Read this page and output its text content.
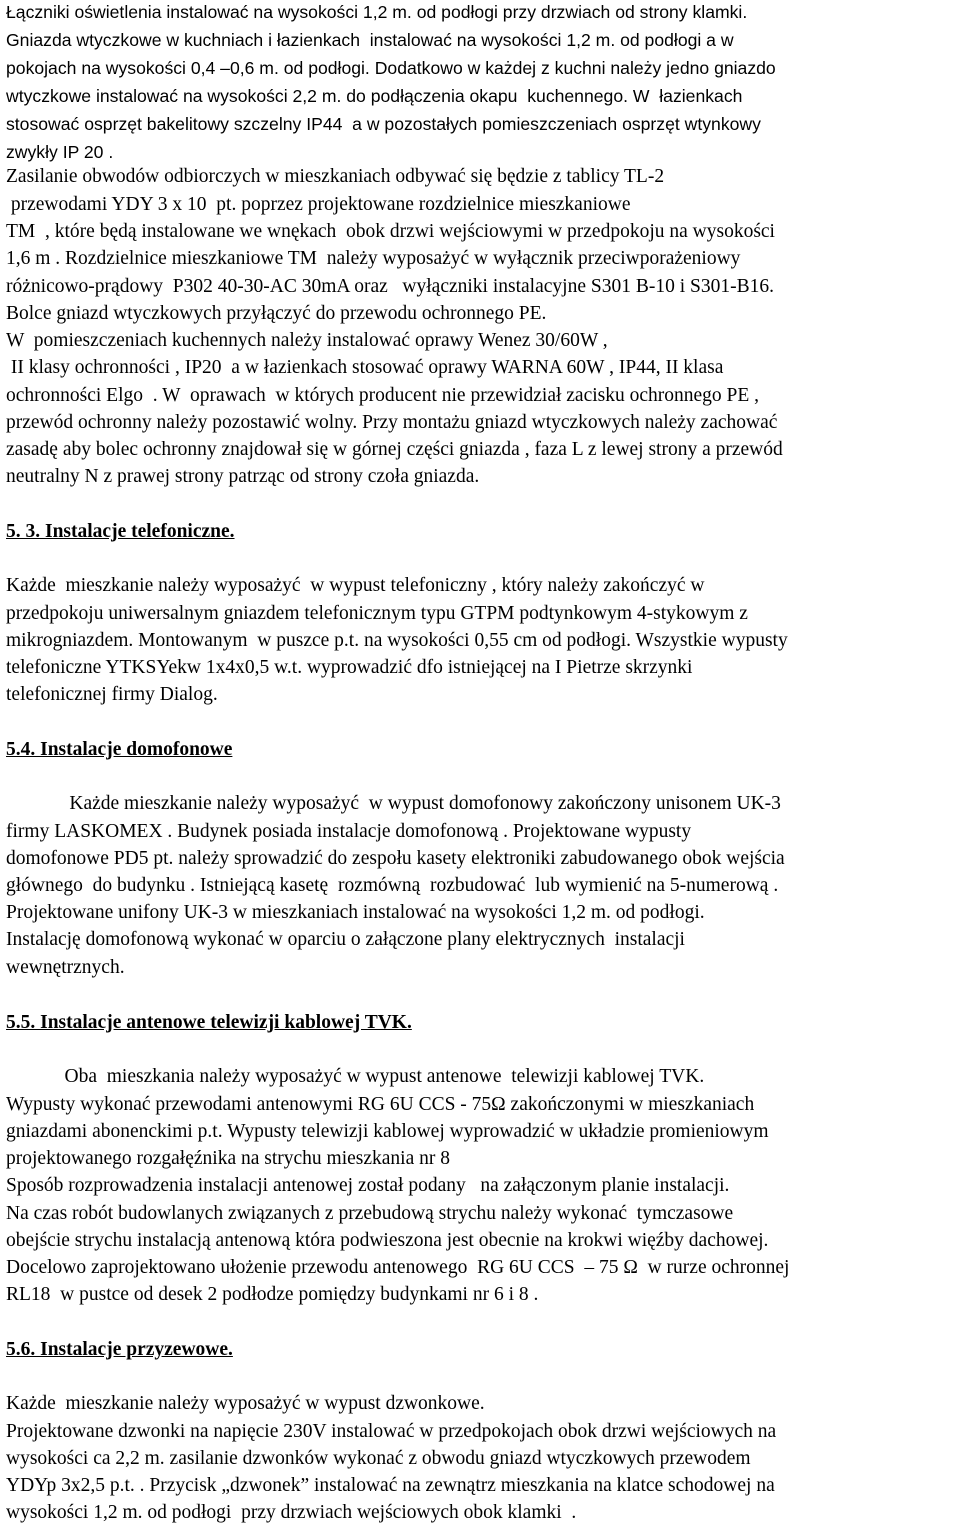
Łączniki oświetlenia instalować na wysokości 1,2 m. od podłogi przy drzwiach od strony klamki.
Gniazda wtyczkowe w kuchniach i łazienkach  instalować na wysokości 1,2 m. od podłogi a w
pokojach na wysokości 0,4 –0,6 m. od podłogi. Dodatkowo w każdej z kuchni należy jedno gniazdo
wtyczkowe instalować na wysokości 2,2 m. do podłączenia okapu  kuchennego. W  łazienkach
stosować osprzęt bakelitowy szczelny IP44  a w pozostałych pomieszczeniach osprzęt wtynkowy
zwykły IP 20 .
Zasilanie obwodów odbiorczych w mieszkaniach odbywać się będzie z tablicy TL-2
przewodami YDY 3 x 10  pt. poprzez projektowane rozdzielnice mieszkaniowe
TM  , które będą instalowane we wnękach  obok drzwi wejściowymi w przedpokoju na wysokości
1,6 m . Rozdzielnice mieszkaniowe TM  należy wyposażyć w wyłącznik przeciwporażeniowy
różnicowo-prądowy  P302 40-30-AC 30mA oraz   wyłączniki instalacyjne S301 B-10 i S301-B16.
Bolce gniazd wtyczkowych przyłączyć do przewodu ochronnego PE.
W  pomieszczeniach kuchennych należy instalować oprawy Wenez 30/60W ,
II klasy ochronności , IP20  a w łazienkach stosować oprawy WARNA 60W , IP44, II klasa
ochronności Elgo  . W  oprawach  w których producent nie przewidział zacisku ochronnego PE ,
przewód ochronny należy pozostawić wolny. Przy montażu gniazd wtyczkowych należy zachować
zasadę aby bolec ochronny znajdował się w górnej części gniazda , faza L z lewej strony a przewód
neutralny N z prawej strony patrząc od strony czoła gniazda.
5. 3. Instalacje telefoniczne.
Każde  mieszkanie należy wyposażyć  w wypust telefoniczny , który należy zakończyć w
przedpokoju uniwersalnym gniazdem telefonicznym typu GTPM podtynkowym 4-stykowym z
mikrogniazdem. Montowanym  w puszce p.t. na wysokości 0,55 cm od podłogi. Wszystkie wypusty
telefoniczne YTKSYekw 1x4x0,5 w.t. wyprowadzić dfo istniejącej na I Pietrze skrzynki
telefonicznej firmy Dialog.
5.4. Instalacje domofonowe
Każde mieszkanie należy wyposażyć  w wypust domofonowy zakończony unisonem UK-3
firmy LASKOMEX . Budynek posiada instalacje domofonową . Projektowane wypusty
domofonowe PD5 pt. należy sprowadzić do zespołu kasety elektroniki zabudowanego obok wejścia
głównego  do budynku . Istniejącą kasetę  rozmówną  rozbudować  lub wymienić na 5-numerową .
Projektowane unifony UK-3 w mieszkaniach instalować na wysokości 1,2 m. od podłogi.
Instalację domofonową wykonać w oparciu o załączone plany elektrycznych  instalacji
wewnętrznych.
5.5. Instalacje antenowe telewizji kablowej TVK.
Oba  mieszkania należy wyposażyć w wypust antenowe  telewizji kablowej TVK.
Wypusty wykonać przewodami antenowymi RG 6U CCS - 75Ω zakończonymi w mieszkaniach
gniazdami abonenckimi p.t. Wypusty telewizji kablowej wyprowadzić w układzie promieniowym
projektowanego rozgałęźnika na strychu mieszkania nr 8
Sposób rozprowadzenia instalacji antenowej został podany   na załączonym planie instalacji.
Na czas robót budowlanych związanych z przebudową strychu należy wykonać  tymczasowe
obejście strychu instalacją antenową która podwieszona jest obecnie na krokwi więźby dachowej.
Docelowo zaprojektowano ułożenie przewodu antenowego  RG 6U CCS  – 75 Ω  w rurze ochronnej
RL18  w pustce od desek 2 podłodze pomiędzy budynkami nr 6 i 8 .
5.6. Instalacje przyzewowe.
Każde  mieszkanie należy wyposażyć w wypust dzwonkowe.
Projektowane dzwonki na napięcie 230V instalować w przedpokojach obok drzwi wejściowych na
wysokości ca 2,2 m. zasilanie dzwonków wykonać z obwodu gniazd wtyczkowych przewodem
YDYp 3x2,5 p.t. . Przycisk „dzwonek” instalować na zewnątrz mieszkania na klatce schodowej na
wysokości 1,2 m. od podłogi  przy drzwiach wejściowych obok klamki  .
